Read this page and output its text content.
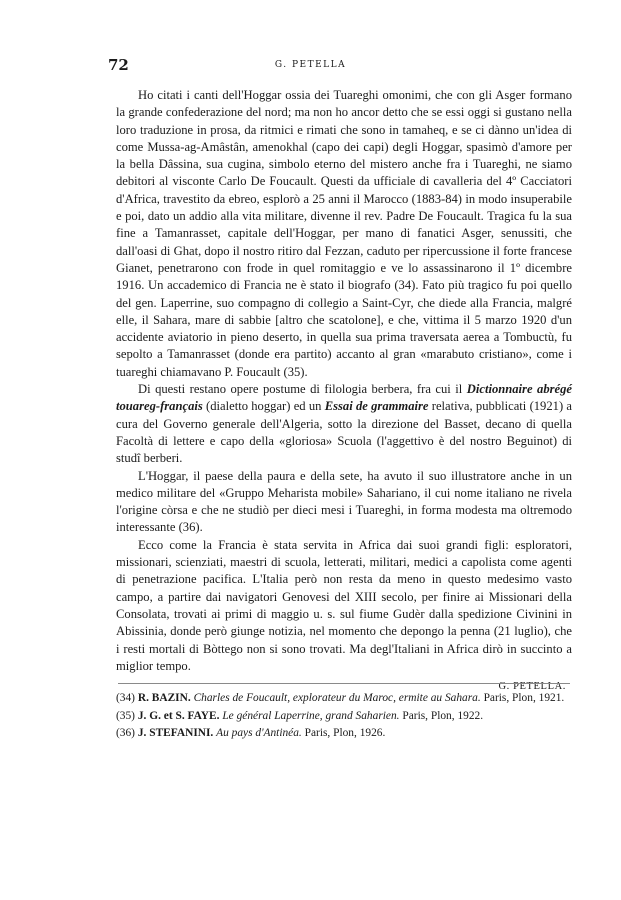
72	G. PETELLA

Ho citati i canti dell'Hoggar ossia dei Tuareghi omonimi, che con gli Asger formano la grande confederazione del nord; ma non ho ancor detto che se essi oggi si gustano nella loro traduzione in prosa, da ritmici e rimati che sono in tamaheq, e se ci dànno un'idea di come Mussa-ag-Amâstân, amenokhal (capo dei capi) degli Hoggar, spasimò d'amore per la bella Dâssina, sua cugina, simbolo eterno del mistero anche fra i Tuareghi, ne siamo debitori al visconte Carlo De Foucault. Questi da ufficiale di cavalleria del 4º Cacciatori d'Africa, travestito da ebreo, esplorò a 25 anni il Marocco (1883-84) in modo insuperabile e poi, dato un addio alla vita militare, divenne il rev. Padre De Foucault. Tragica fu la sua fine a Tamanrasset, capitale dell'Hoggar, per mano di fanatici Asger, senussiti, che dall'oasi di Ghat, dopo il nostro ritiro dal Fezzan, caduto per ripercussione il forte francese Gianet, penetrarono con frode in quel romitaggio e ve lo assassinarono il 1º dicembre 1916. Un accademico di Francia ne è stato il biografo (34). Fato più tragico fu poi quello del gen. Laperrine, suo compagno di collegio a Saint-Cyr, che diede alla Francia, malgré elle, il Sahara, mare di sabbie [altro che scatolone], e che, vittima il 5 marzo 1920 d'un accidente aviatorio in pieno deserto, in quella sua prima traversata aerea a Tombuctù, fu sepolto a Tamanrasset (donde era partito) accanto al gran «marabuto cristiano», come i tuareghi chiamavano P. Foucault (35).

Di questi restano opere postume di filologia berbera, fra cui il Dictionnaire abrégé touareg-français (dialetto hoggar) ed un Essai de grammaire relativa, pubblicati (1921) a cura del Governo generale dell'Algeria, sotto la direzione del Basset, decano di quella Facoltà di lettere e capo della «gloriosa» Scuola (l'aggettivo è del nostro Beguinot) di studî berberi.

L'Hoggar, il paese della paura e della sete, ha avuto il suo illustratore anche in un medico militare del «Gruppo Meharista mobile» Sahariano, il cui nome italiano ne rivela l'origine còrsa e che ne studiò per dieci mesi i Tuareghi, in forma modesta ma oltremodo interessante (36).

Ecco come la Francia è stata servita in Africa dai suoi grandi figli: esploratori, missionari, scienziati, maestri di scuola, letterati, militari, medici a capolista come agenti di penetrazione pacifica. L'Italia però non resta da meno in questo medesimo vasto campo, a partire dai navigatori Genovesi del XIII secolo, per finire ai Missionari della Consolata, trovati ai primi di maggio u. s. sul fiume Gudèr dalla spedizione Civinini in Abissinia, donde però giunge notizia, nel momento che depongo la penna (21 luglio), che i resti mortali di Bòttego non si sono trovati. Ma degl'Italiani in Africa dirò in succinto a miglior tempo.

G. PETELLA.

(34) R. BAZIN. Charles de Foucault, explorateur du Maroc, ermite au Sahara. Paris, Plon, 1921.

(35) J. G. et S. FAYE. Le général Laperrine, grand Saharien. Paris, Plon, 1922.

(36) J. STEFANINI. Au pays d'Antinéa. Paris, Plon, 1926.
